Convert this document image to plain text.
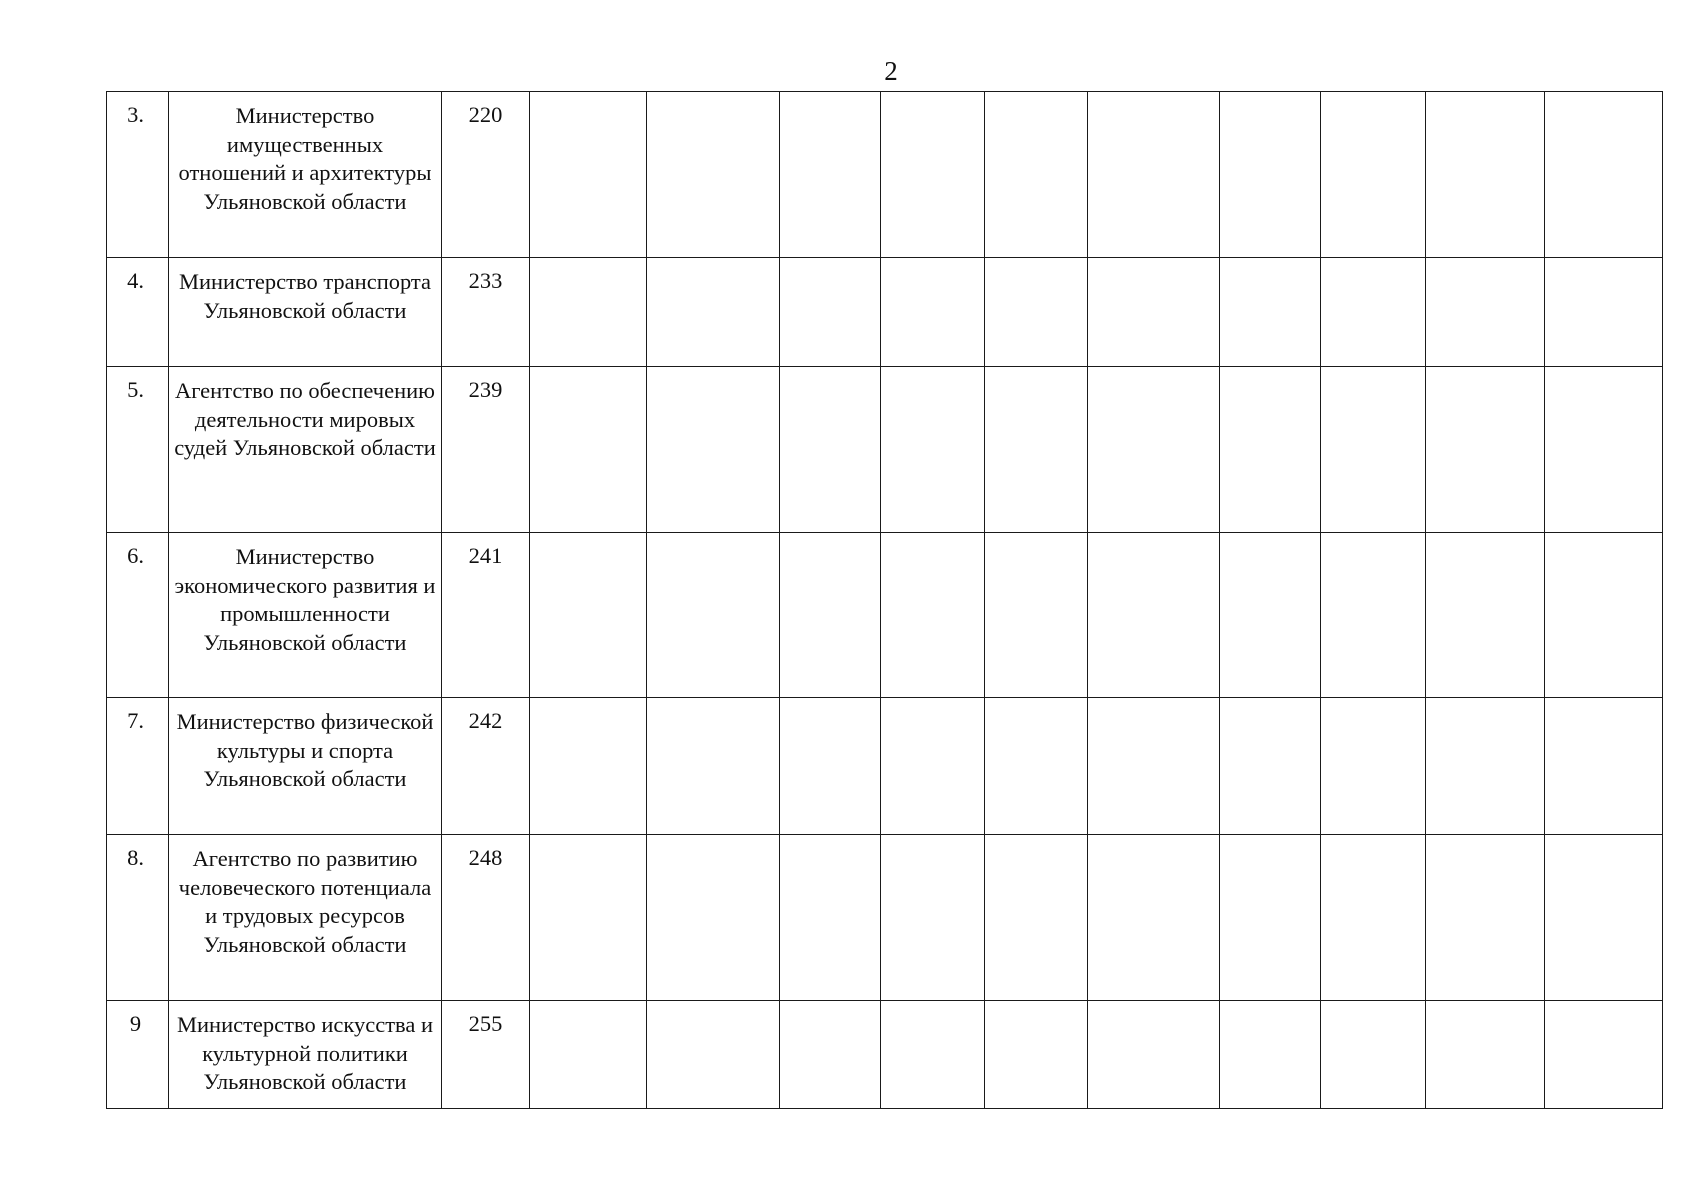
2
3.	Министерство имущественных отношений и архитектуры Ульяновской области	220										
4.	Министерство транспорта Ульяновской области	233										
5.	Агентство по обеспечению деятельности мировых судей Ульяновской области	239										
6.	Министерство экономического развития и промышленности Ульяновской области	241										
7.	Министерство физической культуры и спорта Ульяновской области	242										
8.	Агентство по развитию человеческого потенциала и трудовых ресурсов Ульяновской области	248										
9	Министерство искусства и культурной политики Ульяновской области	255										
